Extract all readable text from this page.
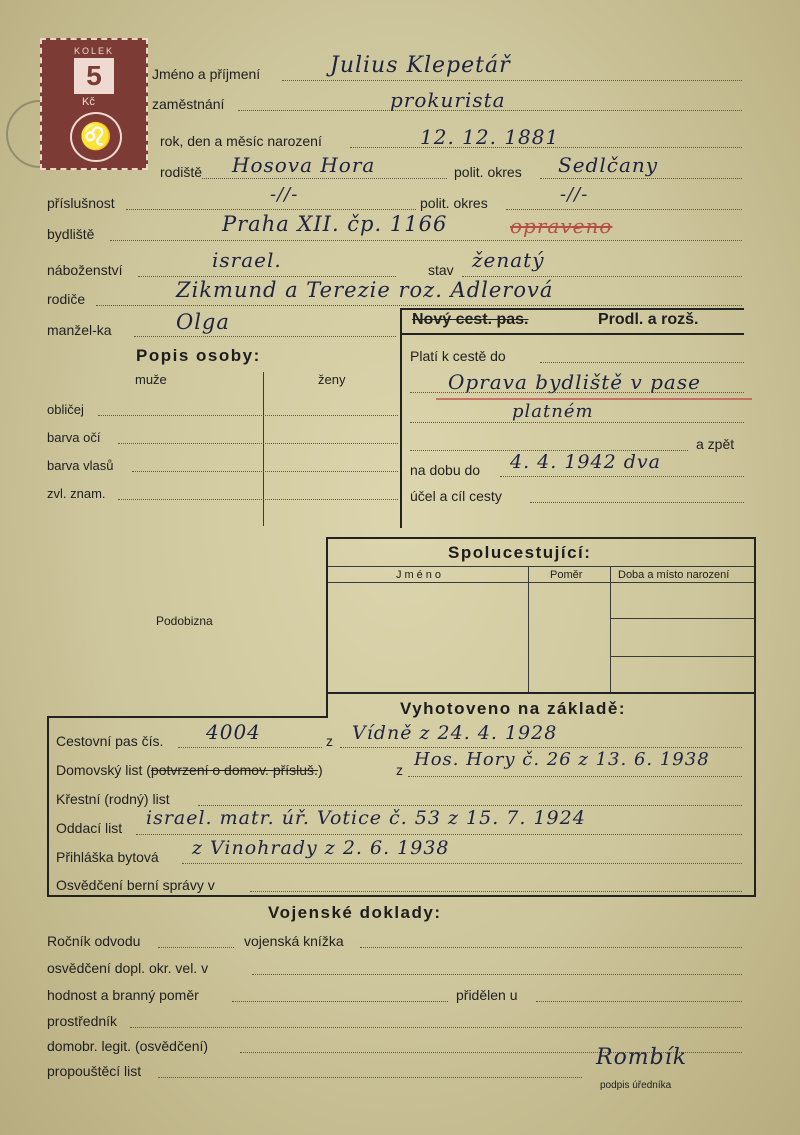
KOLEK
5
Kč
♌
Jméno a příjmení	Julius Klepetář
zaměstnání	prokurista
rok, den a měsíc narození	12. 12. 1881
rodiště Hosova Hora	polit. okres Sedlčany
příslušnost	-//-	polit. okres	-//-
bydliště	Praha XII. čp. 1166	opraveno
náboženství	israel.	stav ženatý
rodiče	Zikmund a Terezie roz. Adlerová
manžel-ka	Olga	Nový cest. pas.	Prodl. a rozš.
Platí k cestě do
Oprava bydliště v pase
platném
a zpět
na dobu do 4. 4. 1942 dva
účel a cíl cesty
Popis osoby:
muže	ženy
obličej
barva očí
barva vlasů
zvl. znam.
Podobizna
Spolucestující:
Jméno	Poměr	Doba a místo narození
Vyhotoveno na základě:
Cestovní pas čís. 4004	z Vídně z 24. 4. 1928
Domovský list (potvrzení o domov. přísluš.)	z Hos. Hory č. 26 z 13. 6. 1938
Křestní (rodný) list
Oddací list israel. matr. úř. Votice č. 53 z 15. 7. 1924
Přihláška bytová z Vinohrady z 2. 6. 1938
Osvědčení berní správy v
Vojenské doklady:
Ročník odvodu	vojenská knížka
osvědčení dopl. okr. vel. v
hodnost a branný poměr	přidělen u
prostředník
domobr. legit. (osvědčení)
propouštěcí list
Rombík
podpis úředníka
